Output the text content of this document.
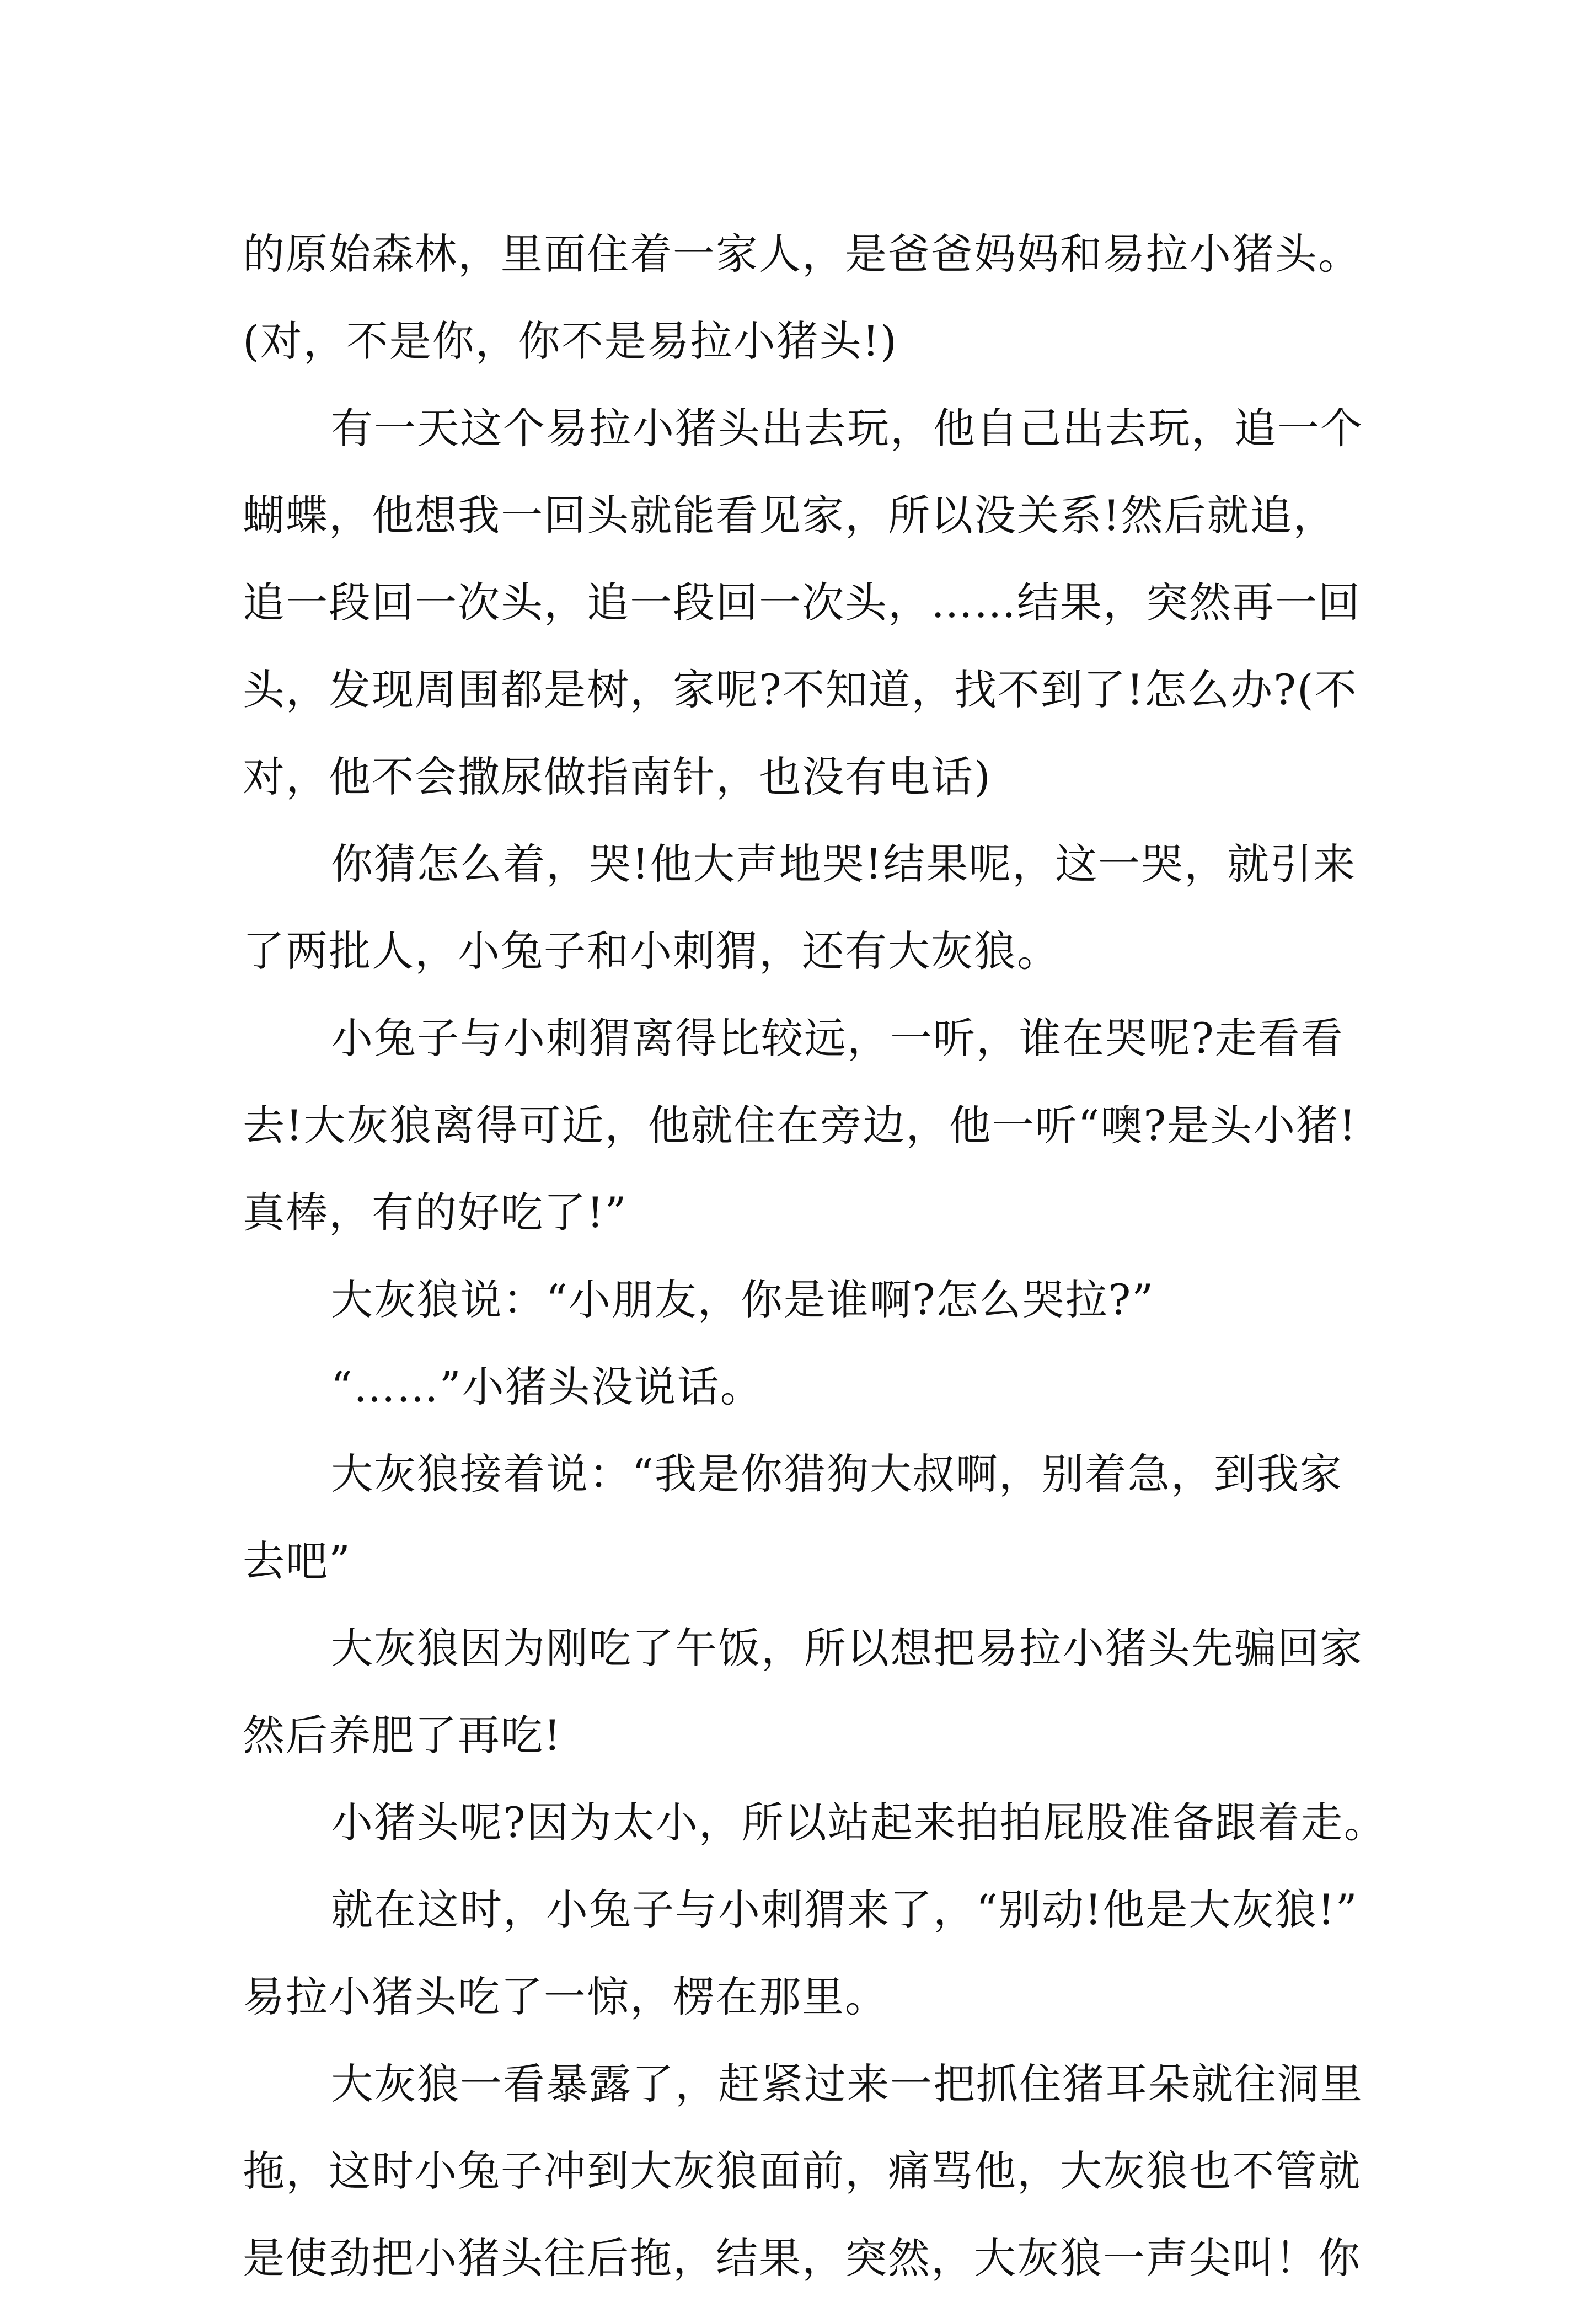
的原始森林，里面住着一家人，是爸爸妈妈和易拉小猪头。
(对，不是你，你不是易拉小猪头!)
有一天这个易拉小猪头出去玩，他自己出去玩，追一个
蝴蝶，他想我一回头就能看见家，所以没关系!然后就追，
追一段回一次头，追一段回一次头，……结果，突然再一回
头，发现周围都是树，家呢?不知道，找不到了!怎么办?(不
对，他不会撒尿做指南针，也没有电话)
你猜怎么着，哭!他大声地哭!结果呢，这一哭，就引来
了两批人，小兔子和小刺猬，还有大灰狼。
小兔子与小刺猬离得比较远，一听，谁在哭呢?走看看
去!大灰狼离得可近，他就住在旁边，他一听“噢?是头小猪!
真棒，有的好吃了!”
大灰狼说：“小朋友，你是谁啊?怎么哭拉?”
“……”小猪头没说话。
大灰狼接着说：“我是你猎狗大叔啊，别着急，到我家
去吧”
大灰狼因为刚吃了午饭，所以想把易拉小猪头先骗回家
然后养肥了再吃!
小猪头呢?因为太小，所以站起来拍拍屁股准备跟着走。
就在这时，小兔子与小刺猬来了，“别动!他是大灰狼!”
易拉小猪头吃了一惊，楞在那里。
大灰狼一看暴露了，赶紧过来一把抓住猪耳朵就往洞里
拖，这时小兔子冲到大灰狼面前，痛骂他，大灰狼也不管就
是使劲把小猪头往后拖，结果，突然，大灰狼一声尖叫！你
